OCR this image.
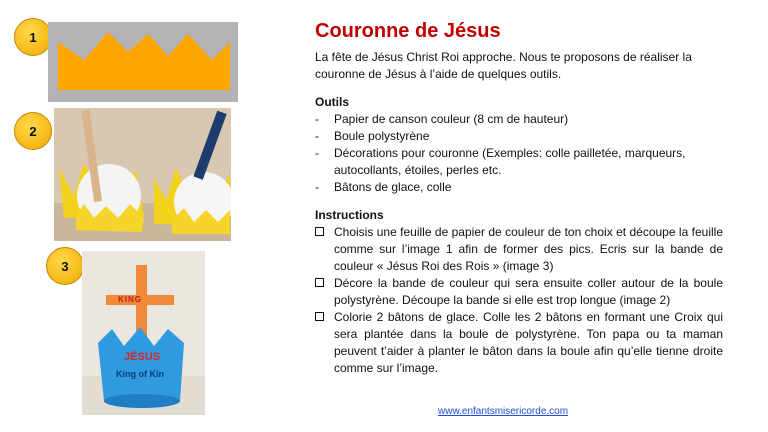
1
2
3
KING
JÉSUS
King of Kin
Couronne de Jésus
La fête de Jésus Christ Roi approche. Nous te proposons de réaliser la couronne de Jésus à l’aide de quelques outils.
Outils
- Papier de canson couleur (8 cm de hauteur)
- Boule polystyrène
- Décorations pour couronne (Exemples: colle pailletée, marqueurs, autocollants, étoiles, perles etc.
- Bâtons de glace, colle
Instructions
Choisis une feuille de papier de couleur de ton choix et découpe la feuille comme sur l’image 1 afin de former des pics. Ecris sur la bande de couleur « Jésus Roi des Rois » (image 3)
Décore la bande de couleur qui sera ensuite coller autour de la boule polystyrène. Découpe la bande si elle est trop longue (image 2)
Colorie 2 bâtons de glace. Colle les 2 bâtons en formant une Croix qui sera plantée dans la boule de polystyrène. Ton papa ou ta maman peuvent t’aider à planter le bâton dans la boule afin qu’elle tienne droite comme sur l’image.
www.enfantsmisericorde.com
